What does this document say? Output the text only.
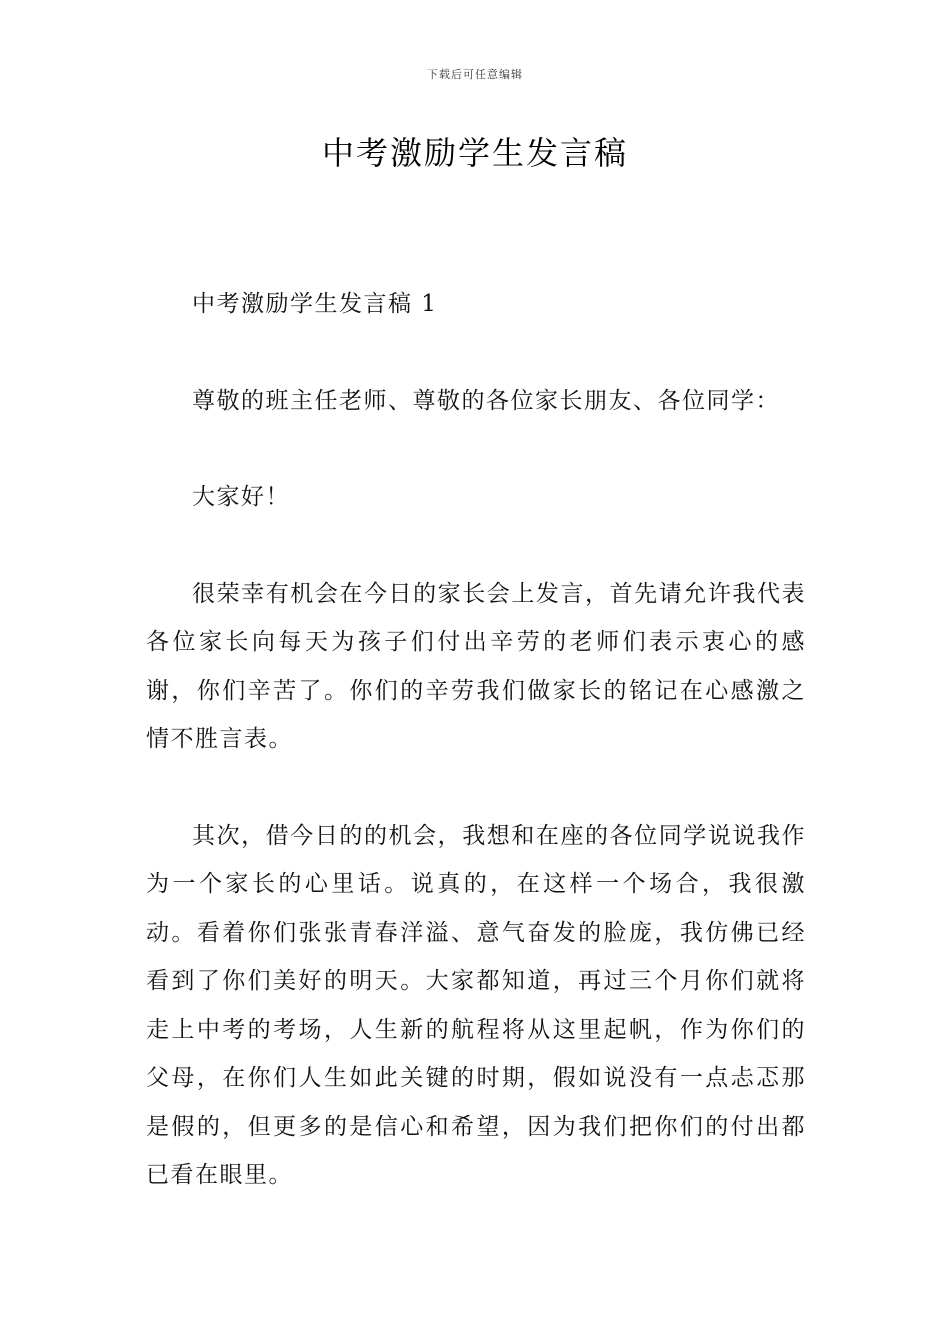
下载后可任意编辑
中考激励学生发言稿

中考激励学生发言稿 1

尊敬的班主任老师、尊敬的各位家长朋友、各位同学：

大家好！

很荣幸有机会在今日的家长会上发言，首先请允许我代表各位家长向每天为孩子们付出辛劳的老师们表示衷心的感谢，你们辛苦了。你们的辛劳我们做家长的铭记在心感激之情不胜言表。

其次，借今日的的机会，我想和在座的各位同学说说我作为一个家长的心里话。说真的，在这样一个场合，我很激动。看着你们张张青春洋溢、意气奋发的脸庞，我仿佛已经看到了你们美好的明天。大家都知道，再过三个月你们就将走上中考的考场，人生新的航程将从这里起帆，作为你们的父母，在你们人生如此关键的时期，假如说没有一点忐忑那是假的，但更多的是信心和希望，因为我们把你们的付出都已看在眼里。
